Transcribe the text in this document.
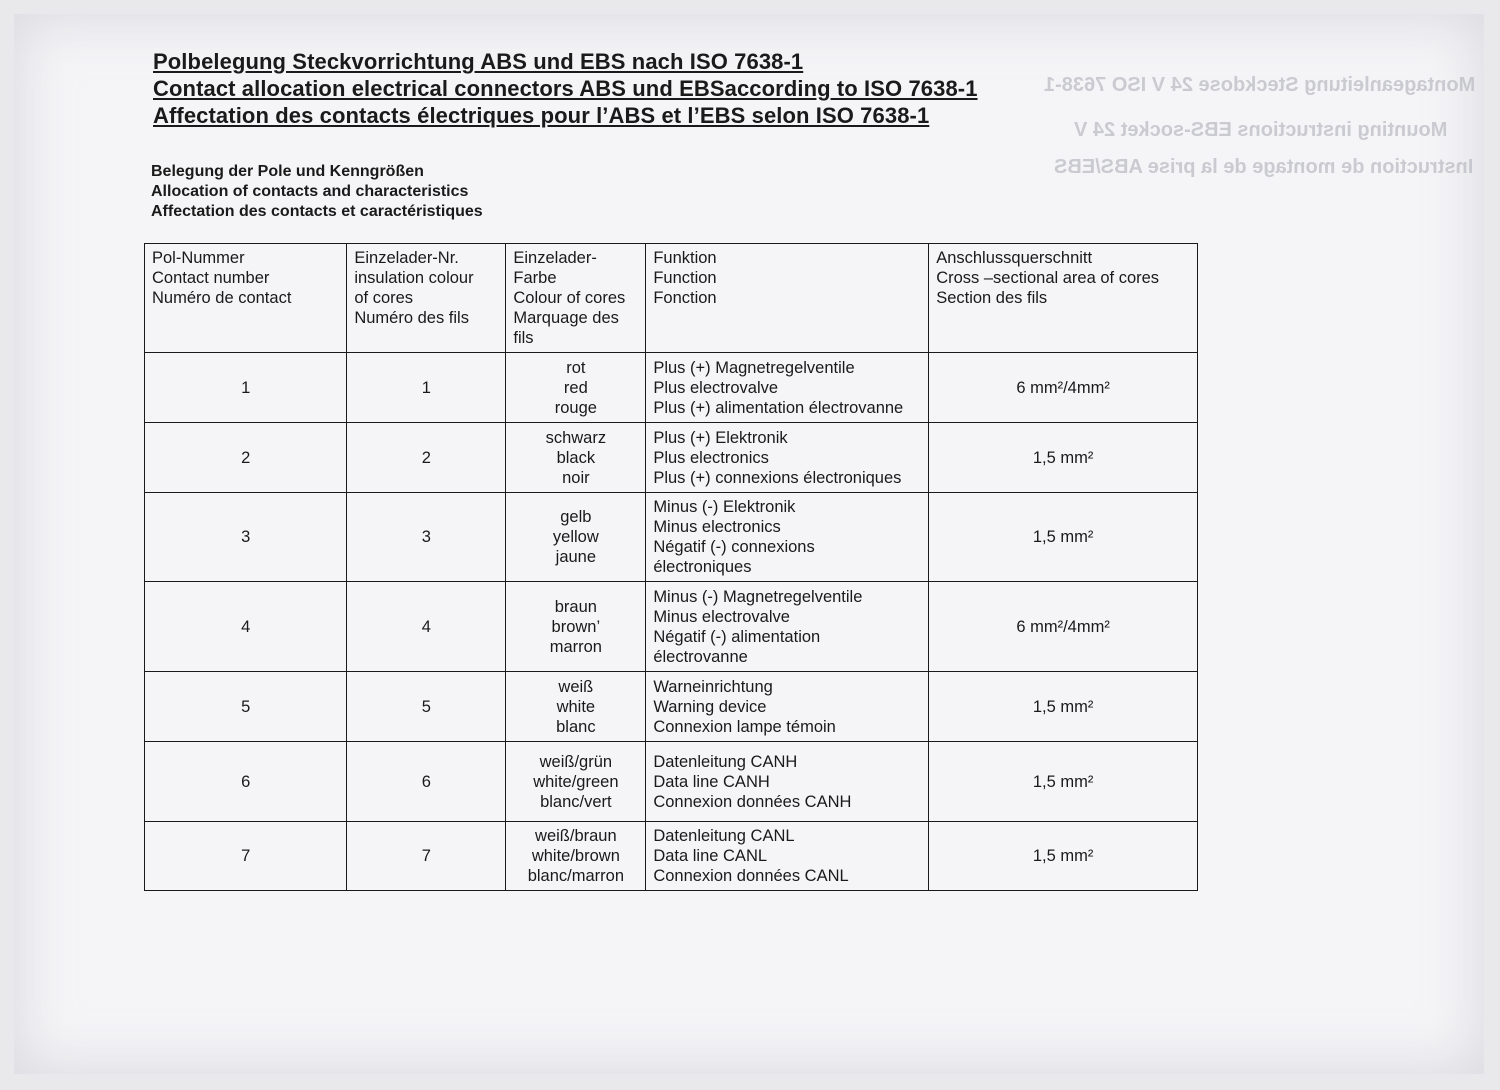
Montageanleitung Steckdose 24 V ISO 7638-1
Mounting instructions EBS-socket 24 V
Instruction de montage de la prise ABS/EBS
Polbelegung Steckvorrichtung ABS und EBS nach ISO 7638-1
Contact allocation electrical connectors ABS und EBSaccording to ISO 7638-1
Affectation des contacts électriques pour l’ABS et l’EBS selon ISO 7638-1
Belegung der Pole und Kenngrößen
Allocation of contacts and characteristics
Affectation des contacts et caractéristiques
Pol-Nummer
Contact number
Numéro de contact	Einzelader-Nr.
insulation colour
of cores
Numéro des fils	Einzelader-
Farbe
Colour of cores
Marquage des
fils	Funktion
Function
Fonction	Anschlussquerschnitt
Cross –sectional area of cores
Section des fils

1	1	rot
red
rouge	Plus (+) Magnetregelventile
Plus electrovalve
Plus (+) alimentation électrovanne	6 mm²/4mm²
2	2	schwarz
black
noir	Plus (+) Elektronik
Plus electronics
Plus (+) connexions électroniques	1,5 mm²
3	3	gelb
yellow
jaune	Minus (-) Elektronik
Minus electronics
Négatif (-) connexions
électroniques	1,5 mm²
4	4	braun
brown’
marron	Minus (-) Magnetregelventile
Minus electrovalve
Négatif (-) alimentation
électrovanne	6 mm²/4mm²
5	5	weiß
white
blanc	Warneinrichtung
Warning device
Connexion lampe témoin	1,5 mm²
6	6	weiß/grün
white/green
blanc/vert	Datenleitung CANH
Data line CANH
Connexion données CANH	1,5 mm²
7	7	weiß/braun
white/brown
blanc/marron	Datenleitung CANL
Data line CANL
Connexion données CANL	1,5 mm²
